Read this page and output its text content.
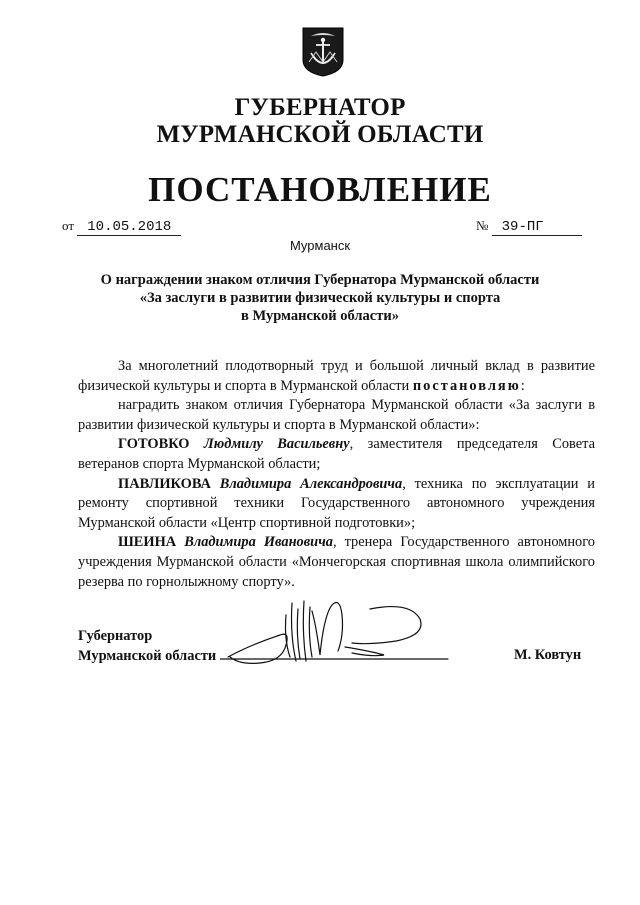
ГУБЕРНАТОР
МУРМАНСКОЙ ОБЛАСТИ
ПОСТАНОВЛЕНИЕ
от 10.05.2018	№ 39-ПГ
Мурманск
О награждении знаком отличия Губернатора Мурманской области
«За заслуги в развитии физической культуры и спорта
в Мурманской области»

За многолетний плодотворный труд и большой личный вклад в развитие физической культуры и спорта в Мурманской области постановляю:

наградить знаком отличия Губернатора Мурманской области «За заслуги в развитии физической культуры и спорта в Мурманской области»:

ГОТОВКО Людмилу Васильевну, заместителя председателя Совета ветеранов спорта Мурманской области;

ПАВЛИКОВА Владимира Александровича, техника по эксплуатации и ремонту спортивной техники Государственного автономного учреждения Мурманской области «Центр спортивной подготовки»;

ШЕИНА Владимира Ивановича, тренера Государственного автономного учреждения Мурманской области «Мончегорская спортивная школа олимпийского резерва по горнолыжному спорту».

Губернатор
Мурманской области	М. Ковтун
